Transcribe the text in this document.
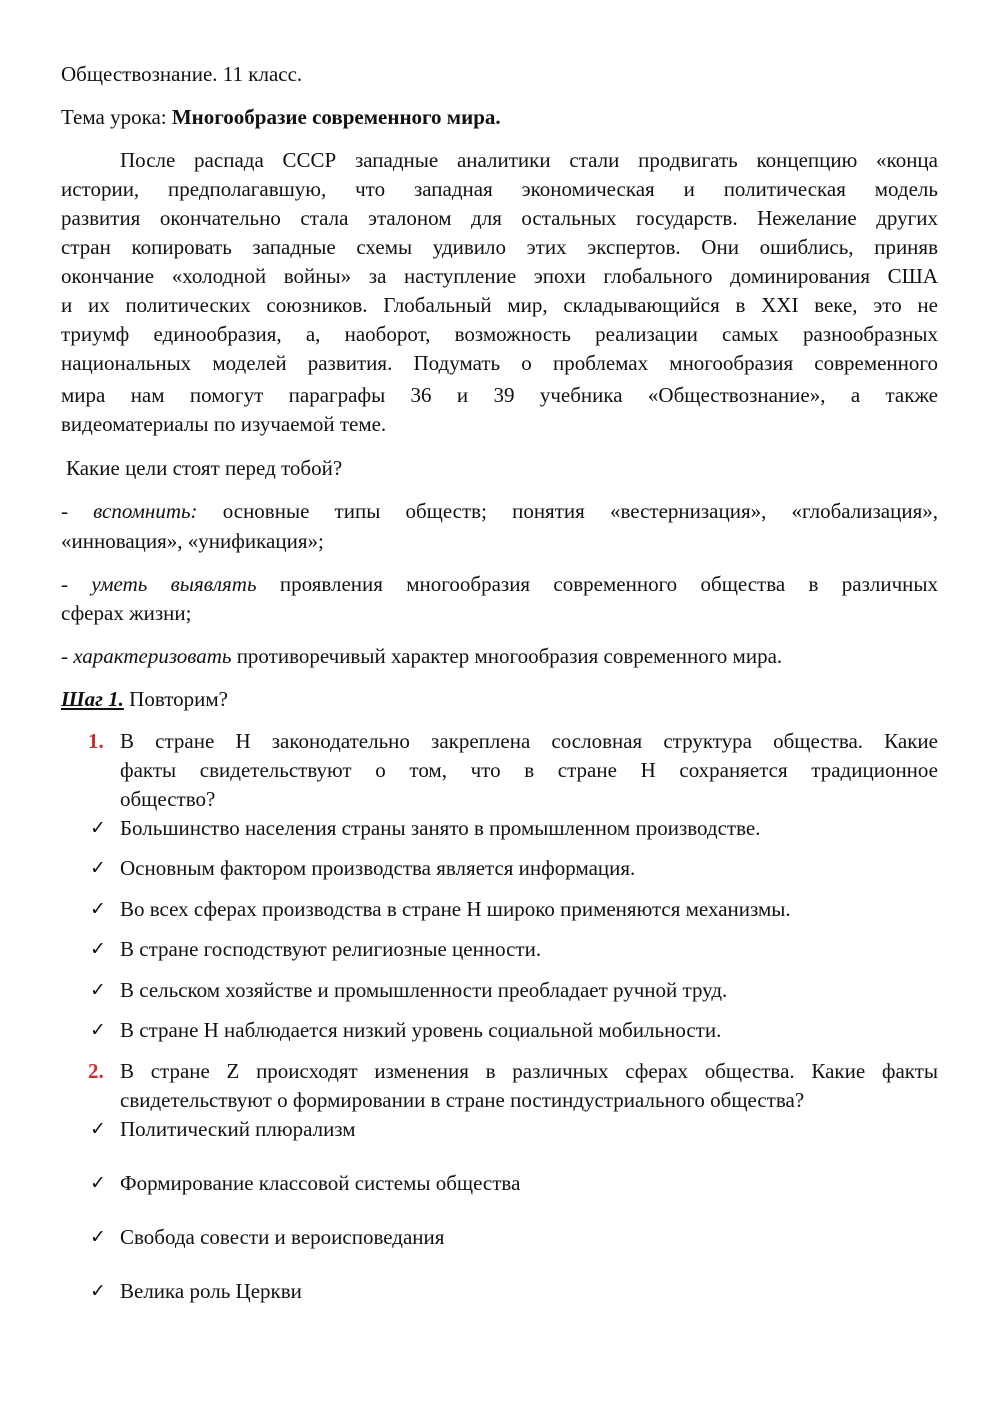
Обществознание. 11 класс.
Тема урока: Многообразие современного мира.
После распада СССР западные аналитики стали продвигать концепцию «конца
истории, предполагавшую, что западная экономическая и политическая модель
развития окончательно стала эталоном для остальных государств. Нежелание других
стран копировать западные схемы удивило этих экспертов. Они ошиблись, приняв
окончание «холодной войны» за наступление эпохи глобального доминирования США
и их политических союзников. Глобальный мир, складывающийся в XXI веке, это не
триумф единообразия, а, наоборот, возможность реализации самых разнообразных
национальных моделей развития. Подумать о проблемах многообразия современного
мира нам помогут параграфы 36 и 39 учебника «Обществознание», а также
видеоматериалы по изучаемой теме.
Какие цели стоят перед тобой?
- вспомнить: основные типы обществ; понятия «вестернизация», «глобализация»,
«инновация», «унификация»;
- уметь выявлять проявления многообразия современного общества в различных
сферах жизни;
- характеризовать противоречивый характер многообразия современного мира.
Шаг 1. Повторим?
1. В стране Н законодательно закреплена сословная структура общества. Какие
факты свидетельствуют о том, что в стране Н сохраняется традиционное
общество?
✓ Большинство населения страны занято в промышленном производстве.
✓ Основным фактором производства является информация.
✓ Во всех сферах производства в стране Н широко применяются механизмы.
✓ В стране господствуют религиозные ценности.
✓ В сельском хозяйстве и промышленности преобладает ручной труд.
✓ В стране Н наблюдается низкий уровень социальной мобильности.
2. В стране Z происходят изменения в различных сферах общества. Какие факты
свидетельствуют о формировании в стране постиндустриального общества?
✓ Политический плюрализм
✓ Формирование классовой системы общества
✓ Свобода совести и вероисповедания
✓ Велика роль Церкви
